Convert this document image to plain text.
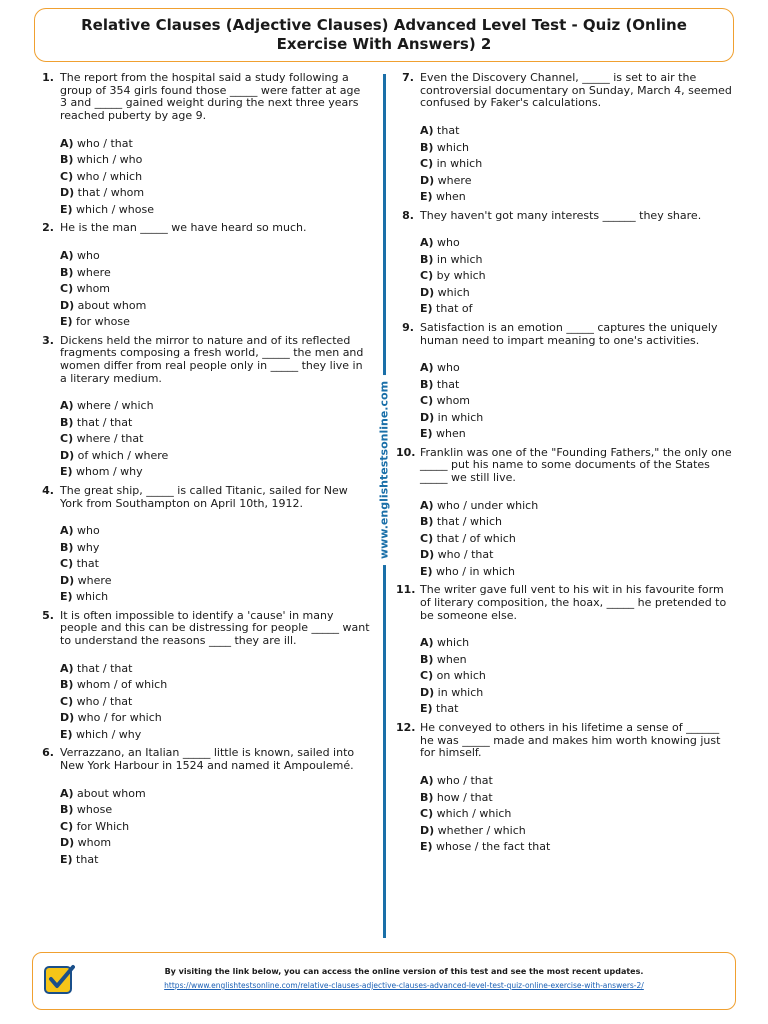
Relative Clauses (Adjective Clauses) Advanced Level Test - Quiz (Online Exercise With Answers) 2
1. The report from the hospital said a study following a group of 354 girls found those _____ were fatter at age 3 and _____ gained weight during the next three years reached puberty by age 9.
A) who / that
B) which / who
C) who / which
D) that / whom
E) which / whose
2. He is the man _____ we have heard so much.
A) who
B) where
C) whom
D) about whom
E) for whose
3. Dickens held the mirror to nature and of its reflected fragments composing a fresh world, _____ the men and women differ from real people only in _____ they live in a literary medium.
A) where / which
B) that / that
C) where / that
D) of which / where
E) whom / why
4. The great ship, _____ is called Titanic, sailed for New York from Southampton on April 10th, 1912.
A) who
B) why
C) that
D) where
E) which
5. It is often impossible to identify a 'cause' in many people and this can be distressing for people _____ want to understand the reasons ____ they are ill.
A) that / that
B) whom / of which
C) who / that
D) who / for which
E) which / why
6. Verrazzano, an Italian _____ little is known, sailed into New York Harbour in 1524 and named it Ampoulemé.
A) about whom
B) whose
C) for Which
D) whom
E) that
www.englishtestsonline.com
7. Even the Discovery Channel, _____ is set to air the controversial documentary on Sunday, March 4, seemed confused by Faker's calculations.
A) that
B) which
C) in which
D) where
E) when
8. They haven't got many interests ______ they share.
A) who
B) in which
C) by which
D) which
E) that of
9. Satisfaction is an emotion _____ captures the uniquely human need to impart meaning to one's activities.
A) who
B) that
C) whom
D) in which
E) when
10. Franklin was one of the "Founding Fathers," the only one _____ put his name to some documents of the States _____ we still live.
A) who / under which
B) that / which
C) that / of which
D) who / that
E) who / in which
11. The writer gave full vent to his wit in his favourite form of literary composition, the hoax, _____ he pretended to be someone else.
A) which
B) when
C) on which
D) in which
E) that
12. He conveyed to others in his lifetime a sense of ______ he was _____ made and makes him worth knowing just for himself.
A) who / that
B) how / that
C) which / which
D) whether / which
E) whose / the fact that
By visiting the link below, you can access the online version of this test and see the most recent updates.
https://www.englishtestsonline.com/relative-clauses-adjective-clauses-advanced-level-test-quiz-online-exercise-with-answers-2/
